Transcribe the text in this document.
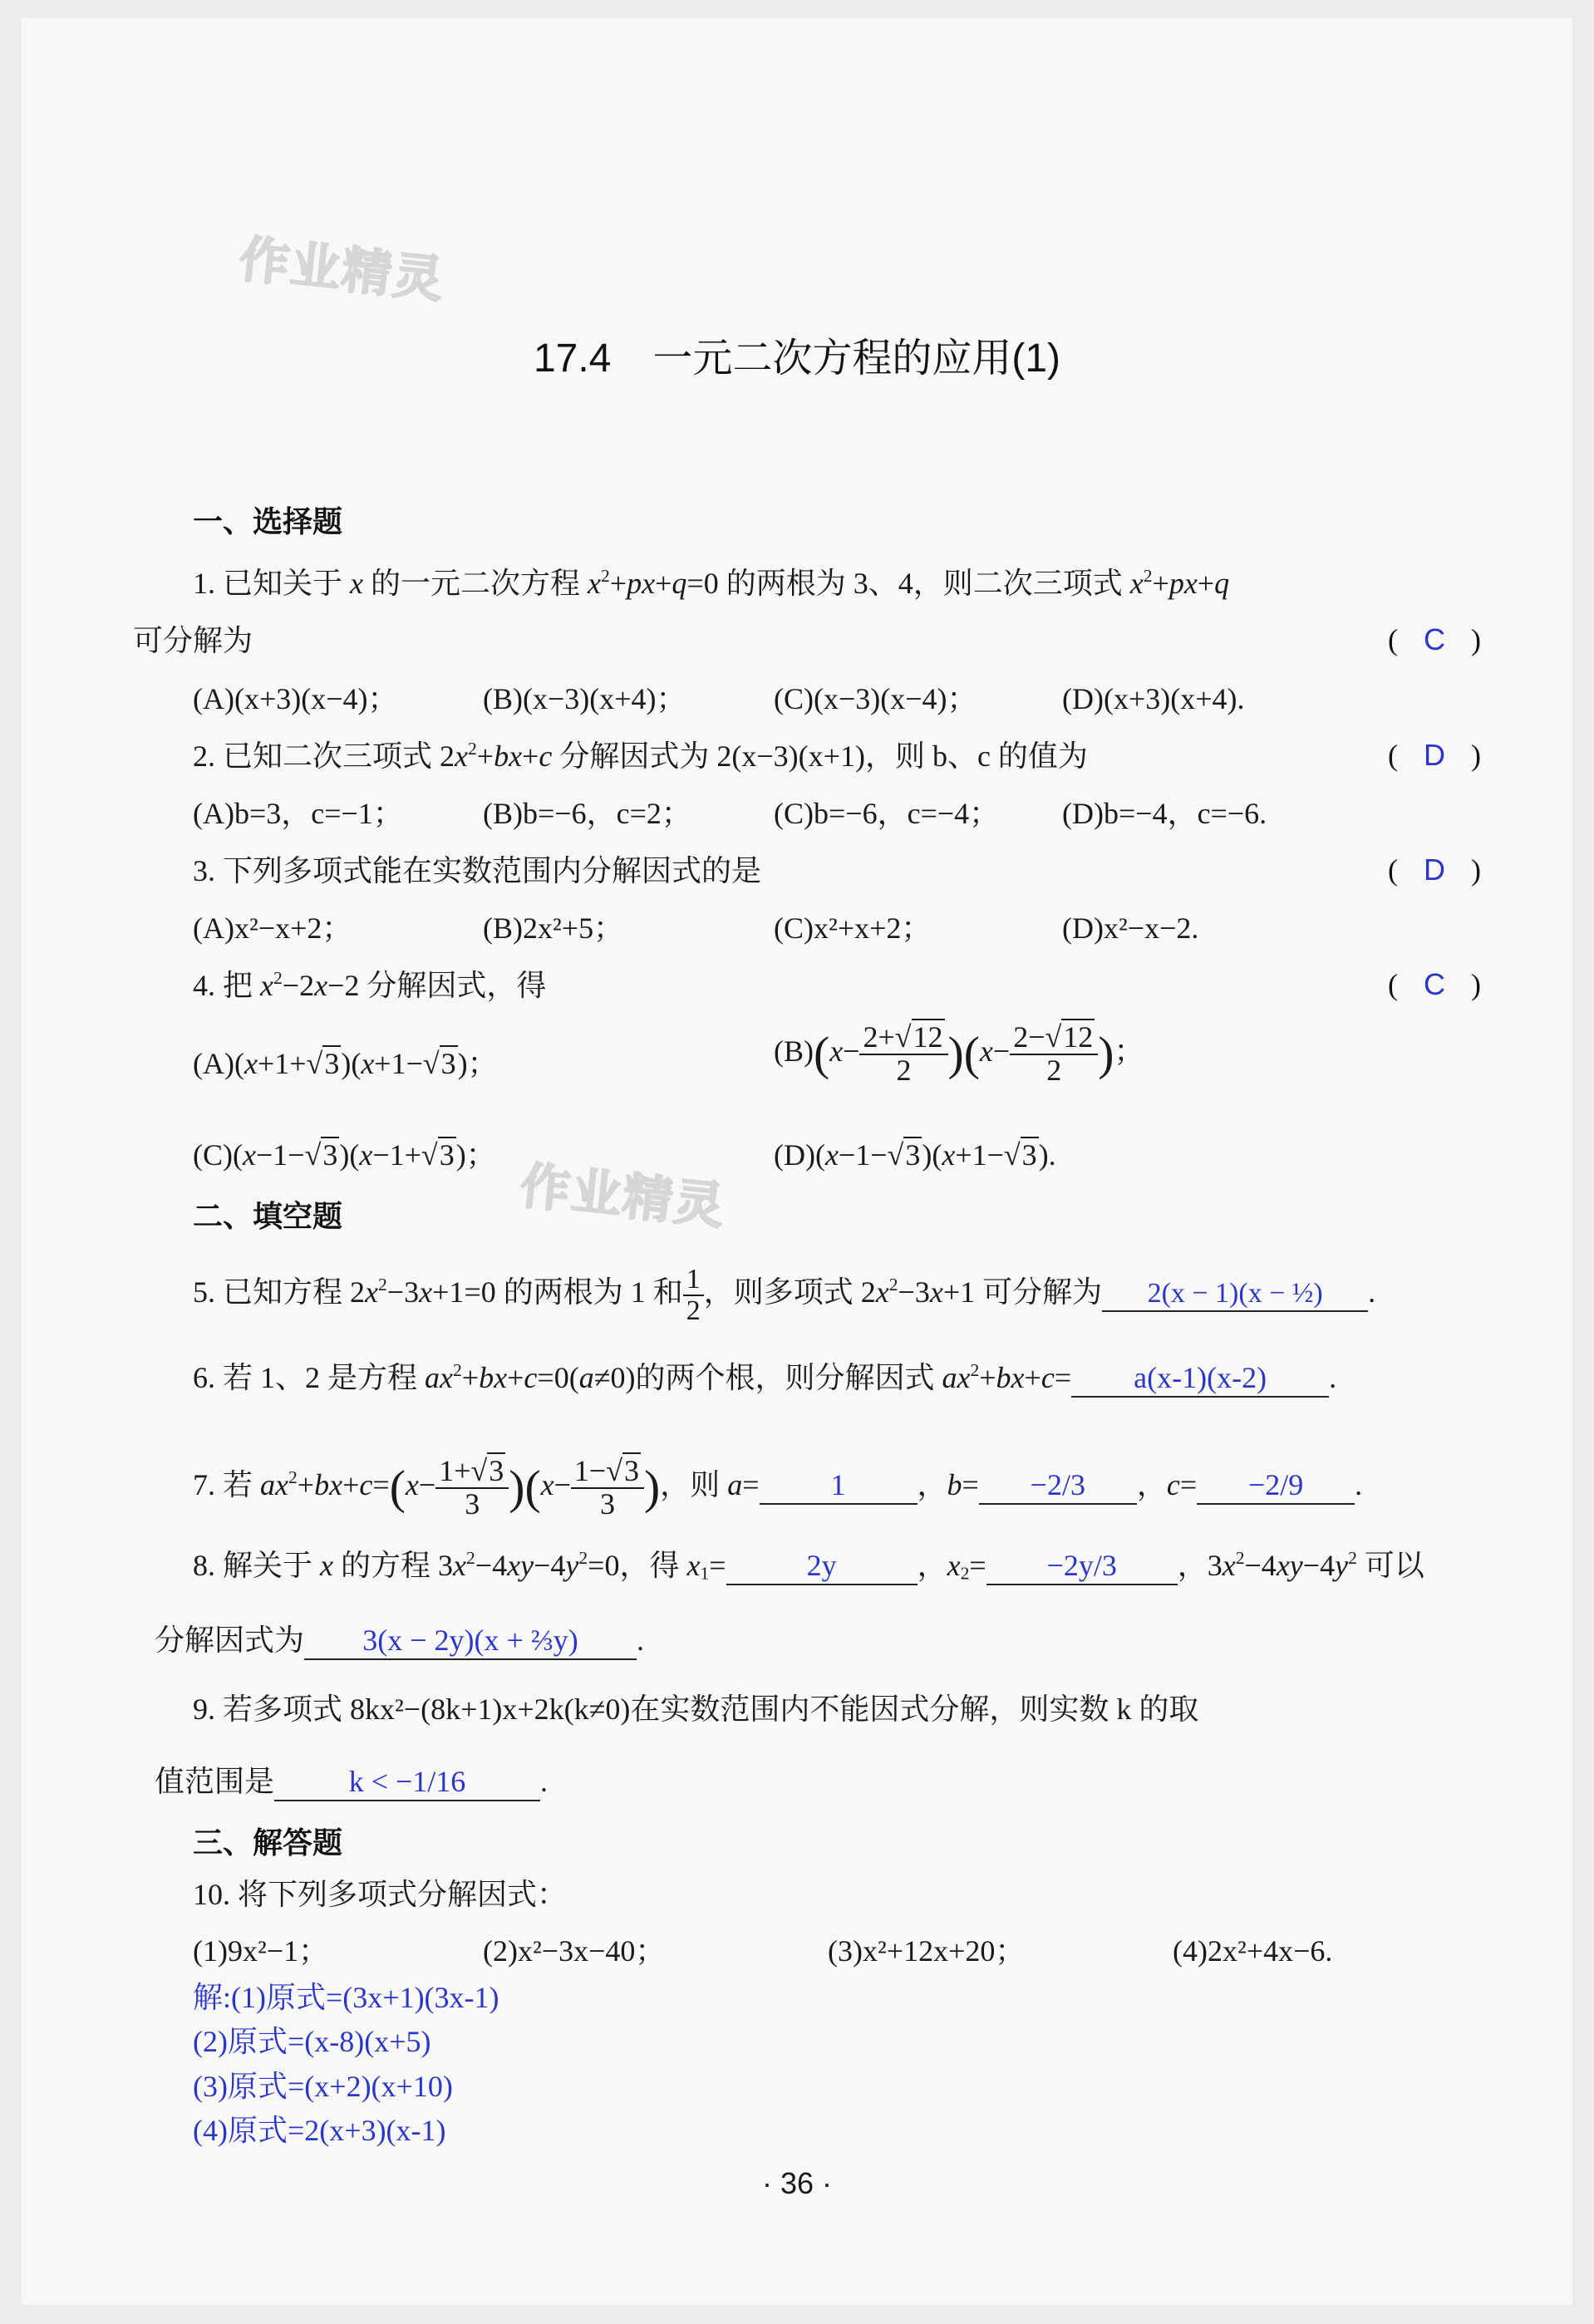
作业精灵
作业精灵
17.4 一元二次方程的应用(1)
一、选择题
1. 已知关于 x 的一元二次方程 $x^2+px+q=0$ 的两根为 3、4，则二次三项式 $x^2+px+q$
可分解为	( C )
(A)(x+3)(x−4)；	(B)(x−3)(x+4)；	(C)(x−3)(x−4)；	(D)(x+3)(x+4).
2. 已知二次三项式 $2x^2+bx+c$ 分解因式为 2(x−3)(x+1)，则 b、c 的值为	( D )
(A)b=3，c=−1；	(B)b=−6，c=2；	(C)b=−6，c=−4； (D)b=−4，c=−6.
3. 下列多项式能在实数范围内分解因式的是	( D )
(A)x²−x+2；	(B)2x²+5；	(C)x²+x+2；	(D)x²−x−2.
4. 把 $x^2-2x-2$ 分解因式，得	( C )
(A)(x+1+√3)(x+1−√3)；	$(B)(x- \frac{2+√12}{2} )(x- \frac{2-√12}{2}$ )；
(C)(x−1−√3)(x−1+√3)；	(D)(x−1−√3)(x+1−√3).
二、填空题
5. 已知方程 $2x^2-3x+1=0$ 的两根为 1 和 $\frac{1}{2}$ ，则多项式 $2x^2-3x+1$ 可分解为 2(x − 1)(x − ½) .
6. 若 1、2 是方程 $ax^2+bx+c=0(a\ne 0)$的两个根，则分解因式 $ax^2+bx+c= a(x-1)(x-2)$ .
7. 若 $ax^2+bx+c=(x- \frac{1+√3}{3} )(x- \frac{1-√3}{3}$ )，则 a= 1 ，b= −2/3 ，c= −2/9 .
8. 解关于 x 的方程 $3x^2-4xy-4y^2=0$，得 $x_1=$	2y	，$x_2= -2y/3$ ，$3x^2-4xy-4y^2$ 可以
分解因式为 3(x − 2y)(x + ⅔y) .
9. 若多项式 8kx²−(8k+1)x+2k(k≠0)在实数范围内不能因式分解，则实数 k 的取
值范围是 k < −1/16 .
三、解答题
10. 将下列多项式分解因式：
(1)9x²−1；	(2)x²−3x−40；	(3)x²+12x+20；	(4)2x²+4x−6.
解:(1)原式=(3x+1)(3x-1)
(2)原式=(x-8)(x+5)
(3)原式=(x+2)(x+10)
(4)原式=2(x+3)(x-1)
· 36 ·
